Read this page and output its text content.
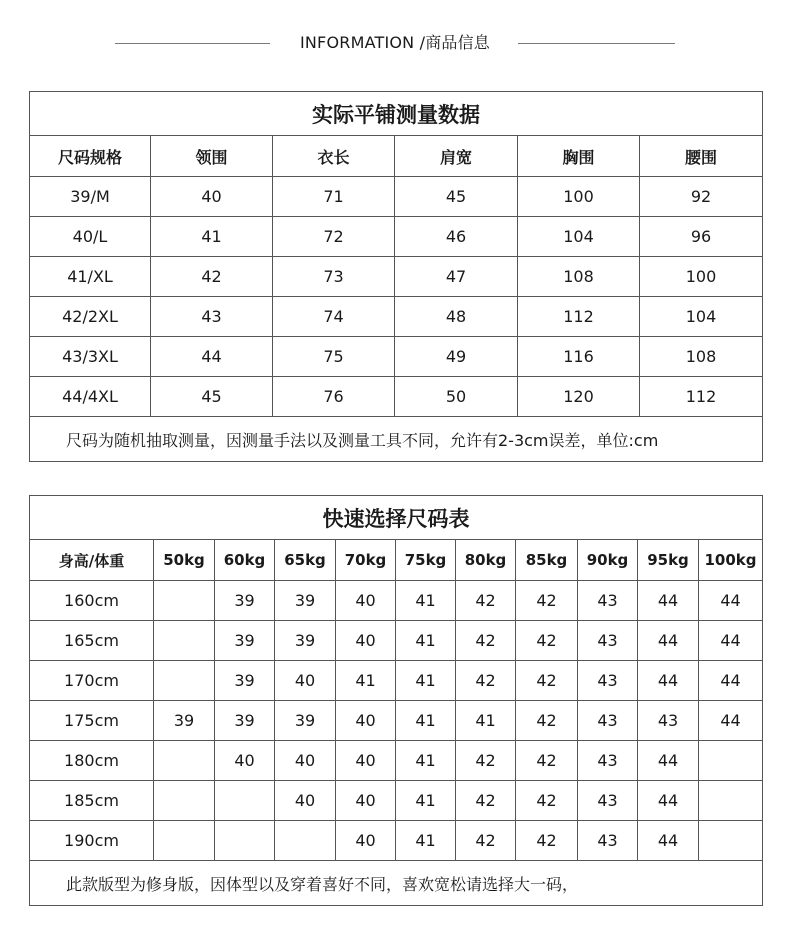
INFORMATION /商品信息
实际平铺测量数据					
尺码规格	领围	衣长	肩宽	胸围	腰围
39/M	40	71	45	100	92
40/L	41	72	46	104	96
41/XL	42	73	47	108	100
42/2XL	43	74	48	112	104
43/3XL	44	75	49	116	108
44/4XL	45	76	50	120	112
尺码为随机抽取测量，因测量手法以及测量工具不同，允许有2-3cm误差，单位:cm					
快速选择尺码表										
身高/体重	50kg	60kg	65kg	70kg	75kg	80kg	85kg	90kg	95kg	100kg
160cm		39	39	40	41	42	42	43	44	44
165cm		39	39	40	41	42	42	43	44	44
170cm		39	40	41	41	42	42	43	44	44
175cm	39	39	39	40	41	41	42	43	43	44
180cm		40	40	40	41	42	42	43	44	
185cm			40	40	41	42	42	43	44	
190cm				40	41	42	42	43	44	
此款版型为修身版，因体型以及穿着喜好不同，喜欢宽松请选择大一码，										
